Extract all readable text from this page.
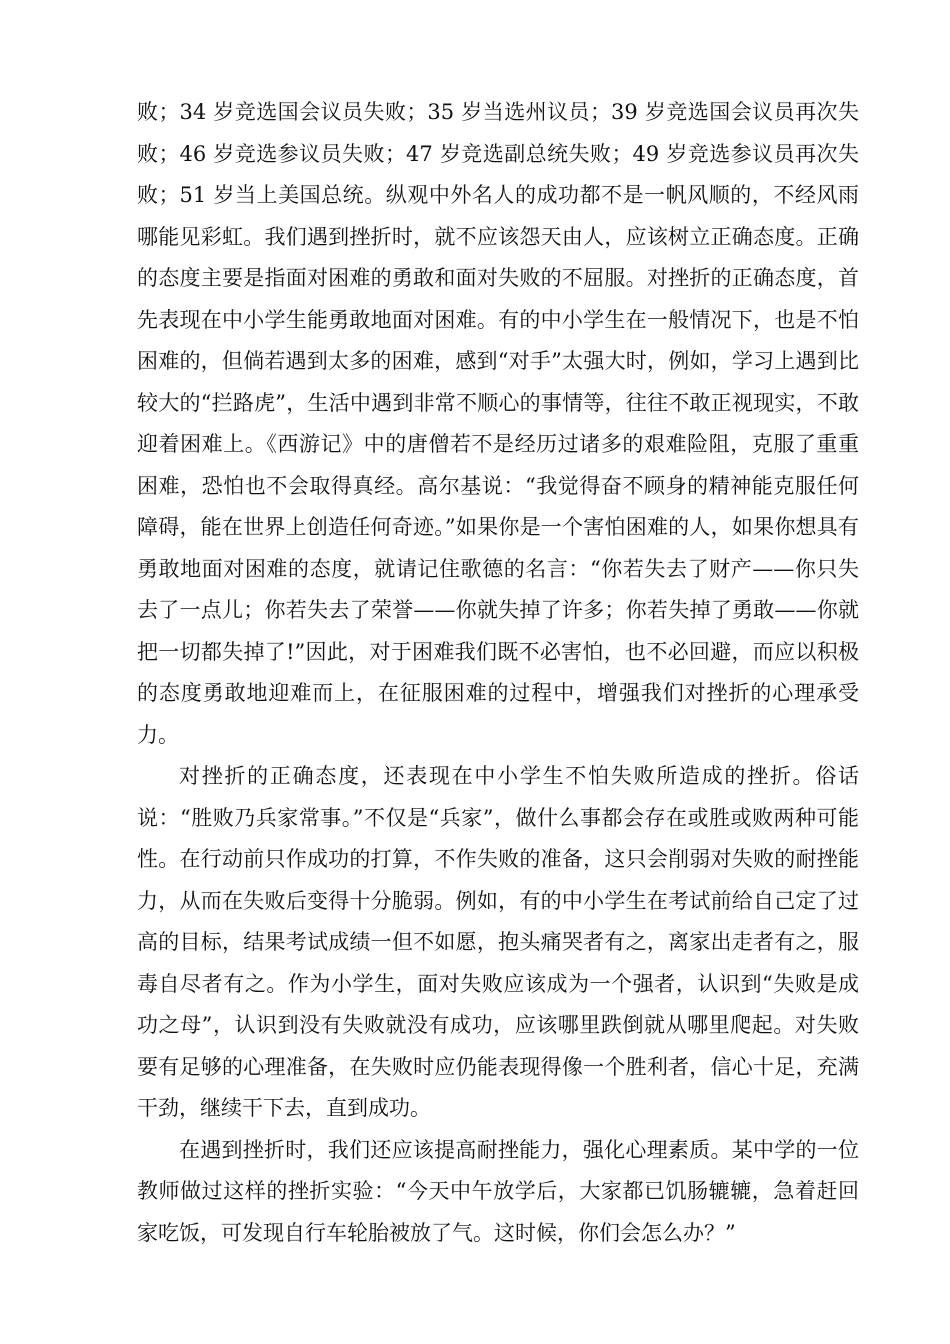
败；34 岁竞选国会议员失败；35 岁当选州议员；39 岁竞选国会议员再次失败；46 岁竞选参议员失败；47 岁竞选副总统失败；49 岁竞选参议员再次失败；51 岁当上美国总统。纵观中外名人的成功都不是一帆风顺的，不经风雨哪能见彩虹。我们遇到挫折时，就不应该怨天由人，应该树立正确态度。正确的态度主要是指面对困难的勇敢和面对失败的不屈服。对挫折的正确态度，首先表现在中小学生能勇敢地面对困难。有的中小学生在一般情况下，也是不怕困难的，但倘若遇到太多的困难，感到“对手”太强大时，例如，学习上遇到比较大的“拦路虎”，生活中遇到非常不顺心的事情等，往往不敢正视现实，不敢迎着困难上。《西游记》中的唐僧若不是经历过诸多的艰难险阻，克服了重重困难，恐怕也不会取得真经。高尔基说：“我觉得奋不顾身的精神能克服任何障碍，能在世界上创造任何奇迹。”如果你是一个害怕困难的人，如果你想具有勇敢地面对困难的态度，就请记住歌德的名言：“你若失去了财产——你只失去了一点儿；你若失去了荣誉——你就失掉了许多；你若失掉了勇敢——你就把一切都失掉了!”因此，对于困难我们既不必害怕，也不必回避，而应以积极的态度勇敢地迎难而上，在征服困难的过程中，增强我们对挫折的心理承受力。

对挫折的正确态度，还表现在中小学生不怕失败所造成的挫折。俗话说：“胜败乃兵家常事。”不仅是“兵家”，做什么事都会存在或胜或败两种可能性。在行动前只作成功的打算，不作失败的准备，这只会削弱对失败的耐挫能力，从而在失败后变得十分脆弱。例如，有的中小学生在考试前给自己定了过高的目标，结果考试成绩一但不如愿，抱头痛哭者有之，离家出走者有之，服毒自尽者有之。作为小学生，面对失败应该成为一个强者，认识到“失败是成功之母”，认识到没有失败就没有成功，应该哪里跌倒就从哪里爬起。对失败要有足够的心理准备，在失败时应仍能表现得像一个胜利者，信心十足，充满干劲，继续干下去，直到成功。

在遇到挫折时，我们还应该提高耐挫能力，强化心理素质。某中学的一位教师做过这样的挫折实验：“今天中午放学后，大家都已饥肠辘辘，急着赶回家吃饭，可发现自行车轮胎被放了气。这时候，你们会怎么办？”
